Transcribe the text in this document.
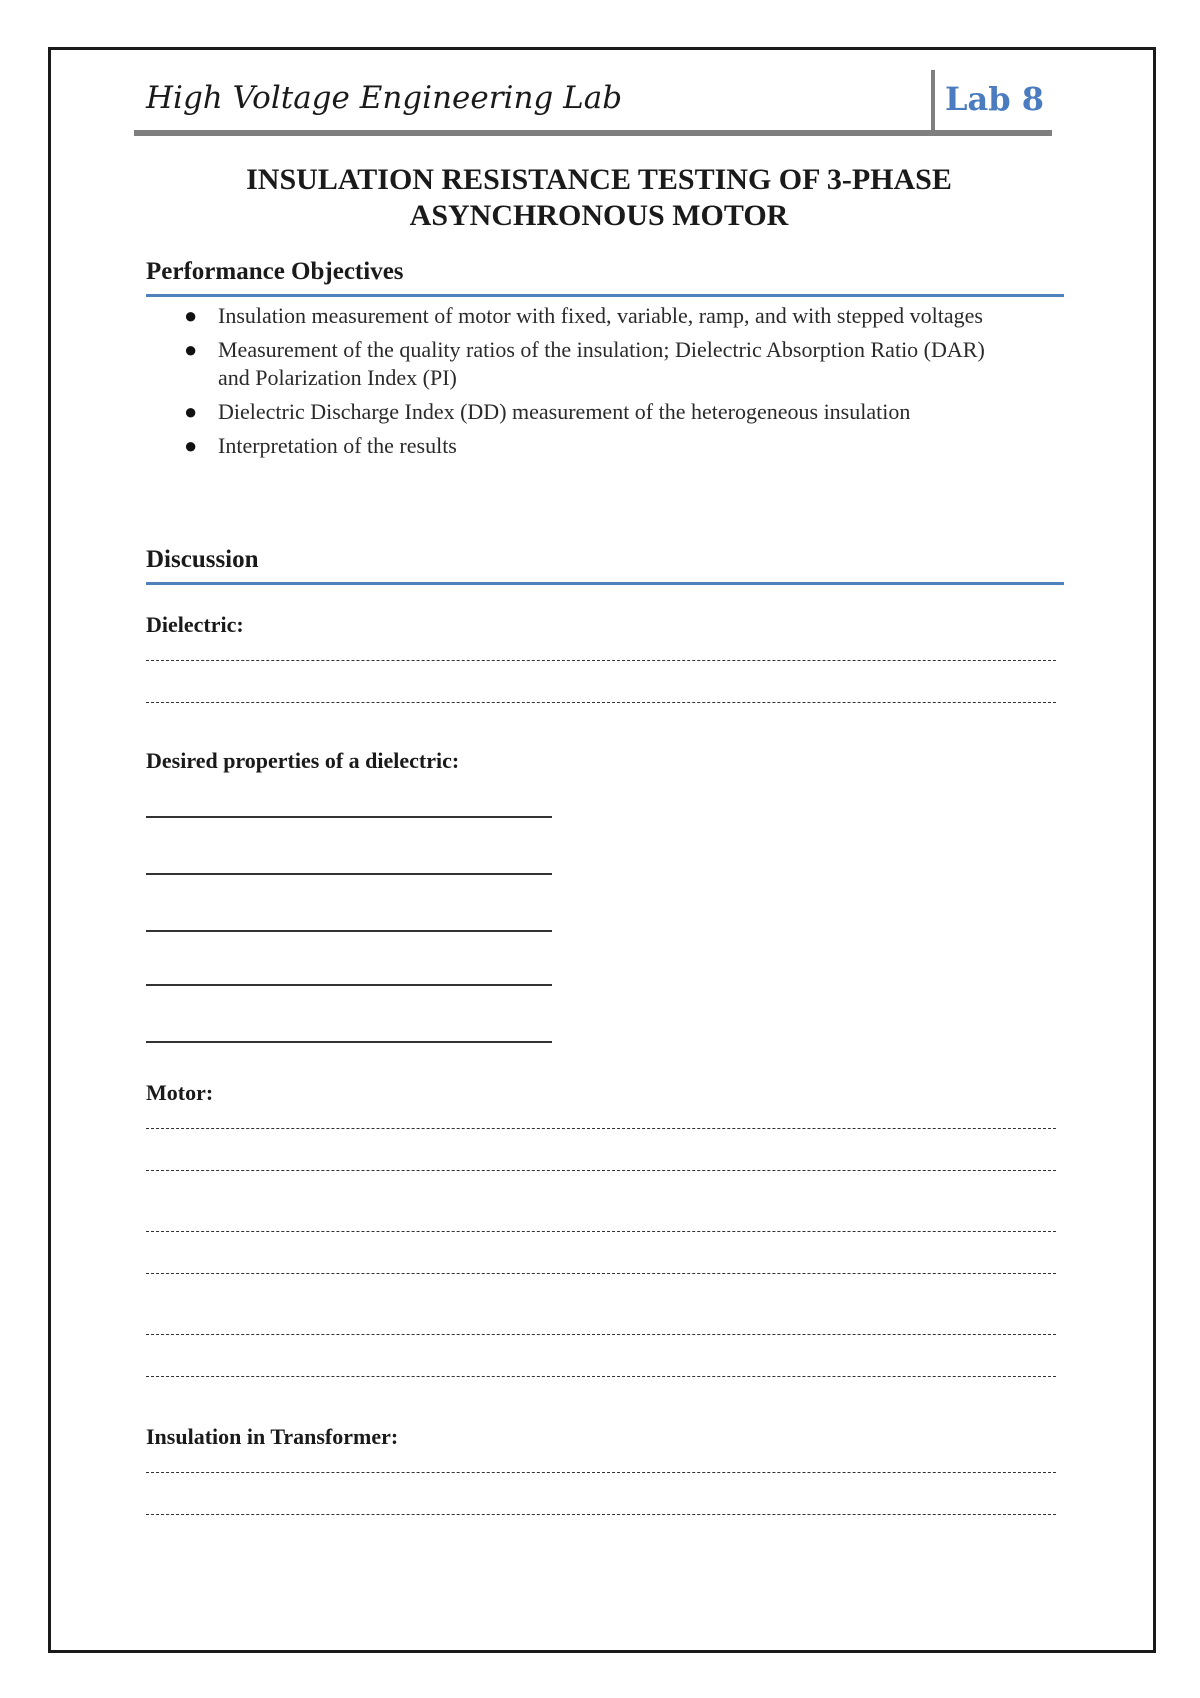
High Voltage Engineering Lab	Lab 8
INSULATION RESISTANCE TESTING OF 3-PHASE
ASYNCHRONOUS MOTOR
Performance Objectives
● Insulation measurement of motor with fixed, variable, ramp, and with stepped voltages
● Measurement of the quality ratios of the insulation; Dielectric Absorption Ratio (DAR) and Polarization Index (PI)
● Dielectric Discharge Index (DD) measurement of the heterogeneous insulation
● Interpretation of the results
Discussion
Dielectric:
Desired properties of a dielectric:
Motor:
Insulation in Transformer:
